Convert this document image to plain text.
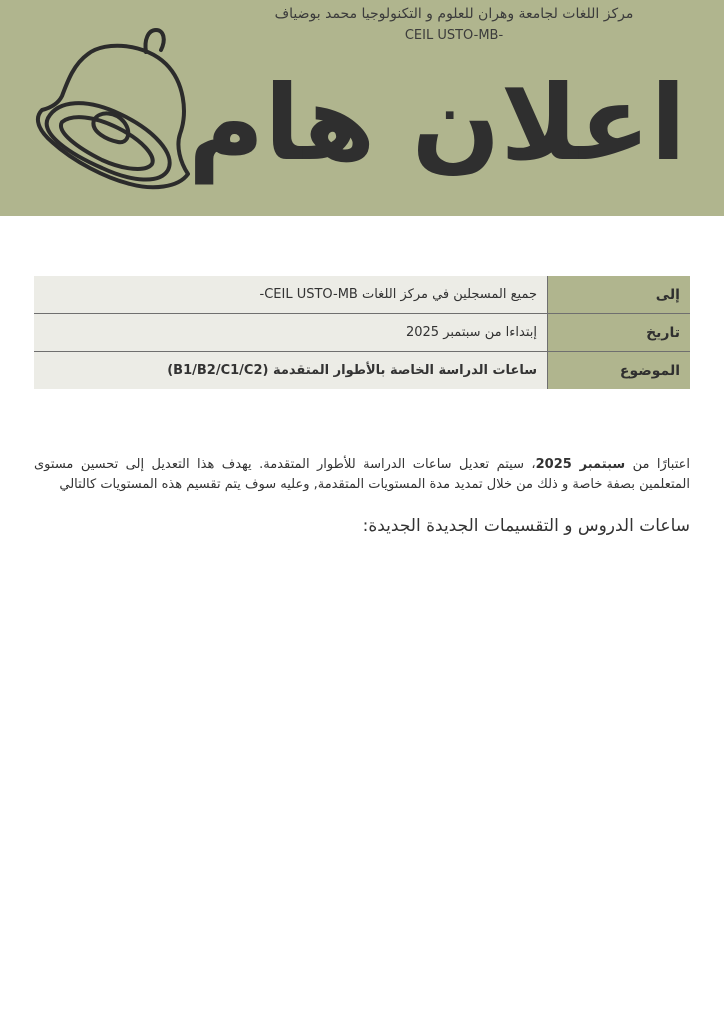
مركز اللغات لجامعة وهران للعلوم و التكنولوجيا محمد بوضياف
CEIL USTO-MB-
اعلان هام
إلى	جميع المسجلين في مركز اللغات CEIL USTO-MB-
تاريخ	إبتداءا من سبتمبر 2025
الموضوع	ساعات الدراسة الخاصة بالأطوار المتقدمة (B1/B2/C1/C2)

اعتبارًا من سبتمبر 2025، سيتم تعديل ساعات الدراسة للأطوار المتقدمة. يهدف هذا التعديل إلى تحسين مستوى المتعلمين بصفة خاصة و ذلك من خلال تمديد مدة المستويات المتقدمة, وعليه سوف يتم تقسيم هذه المستويات كالتالي

ساعات الدروس و التقسيمات الجديدة الجديدة:
